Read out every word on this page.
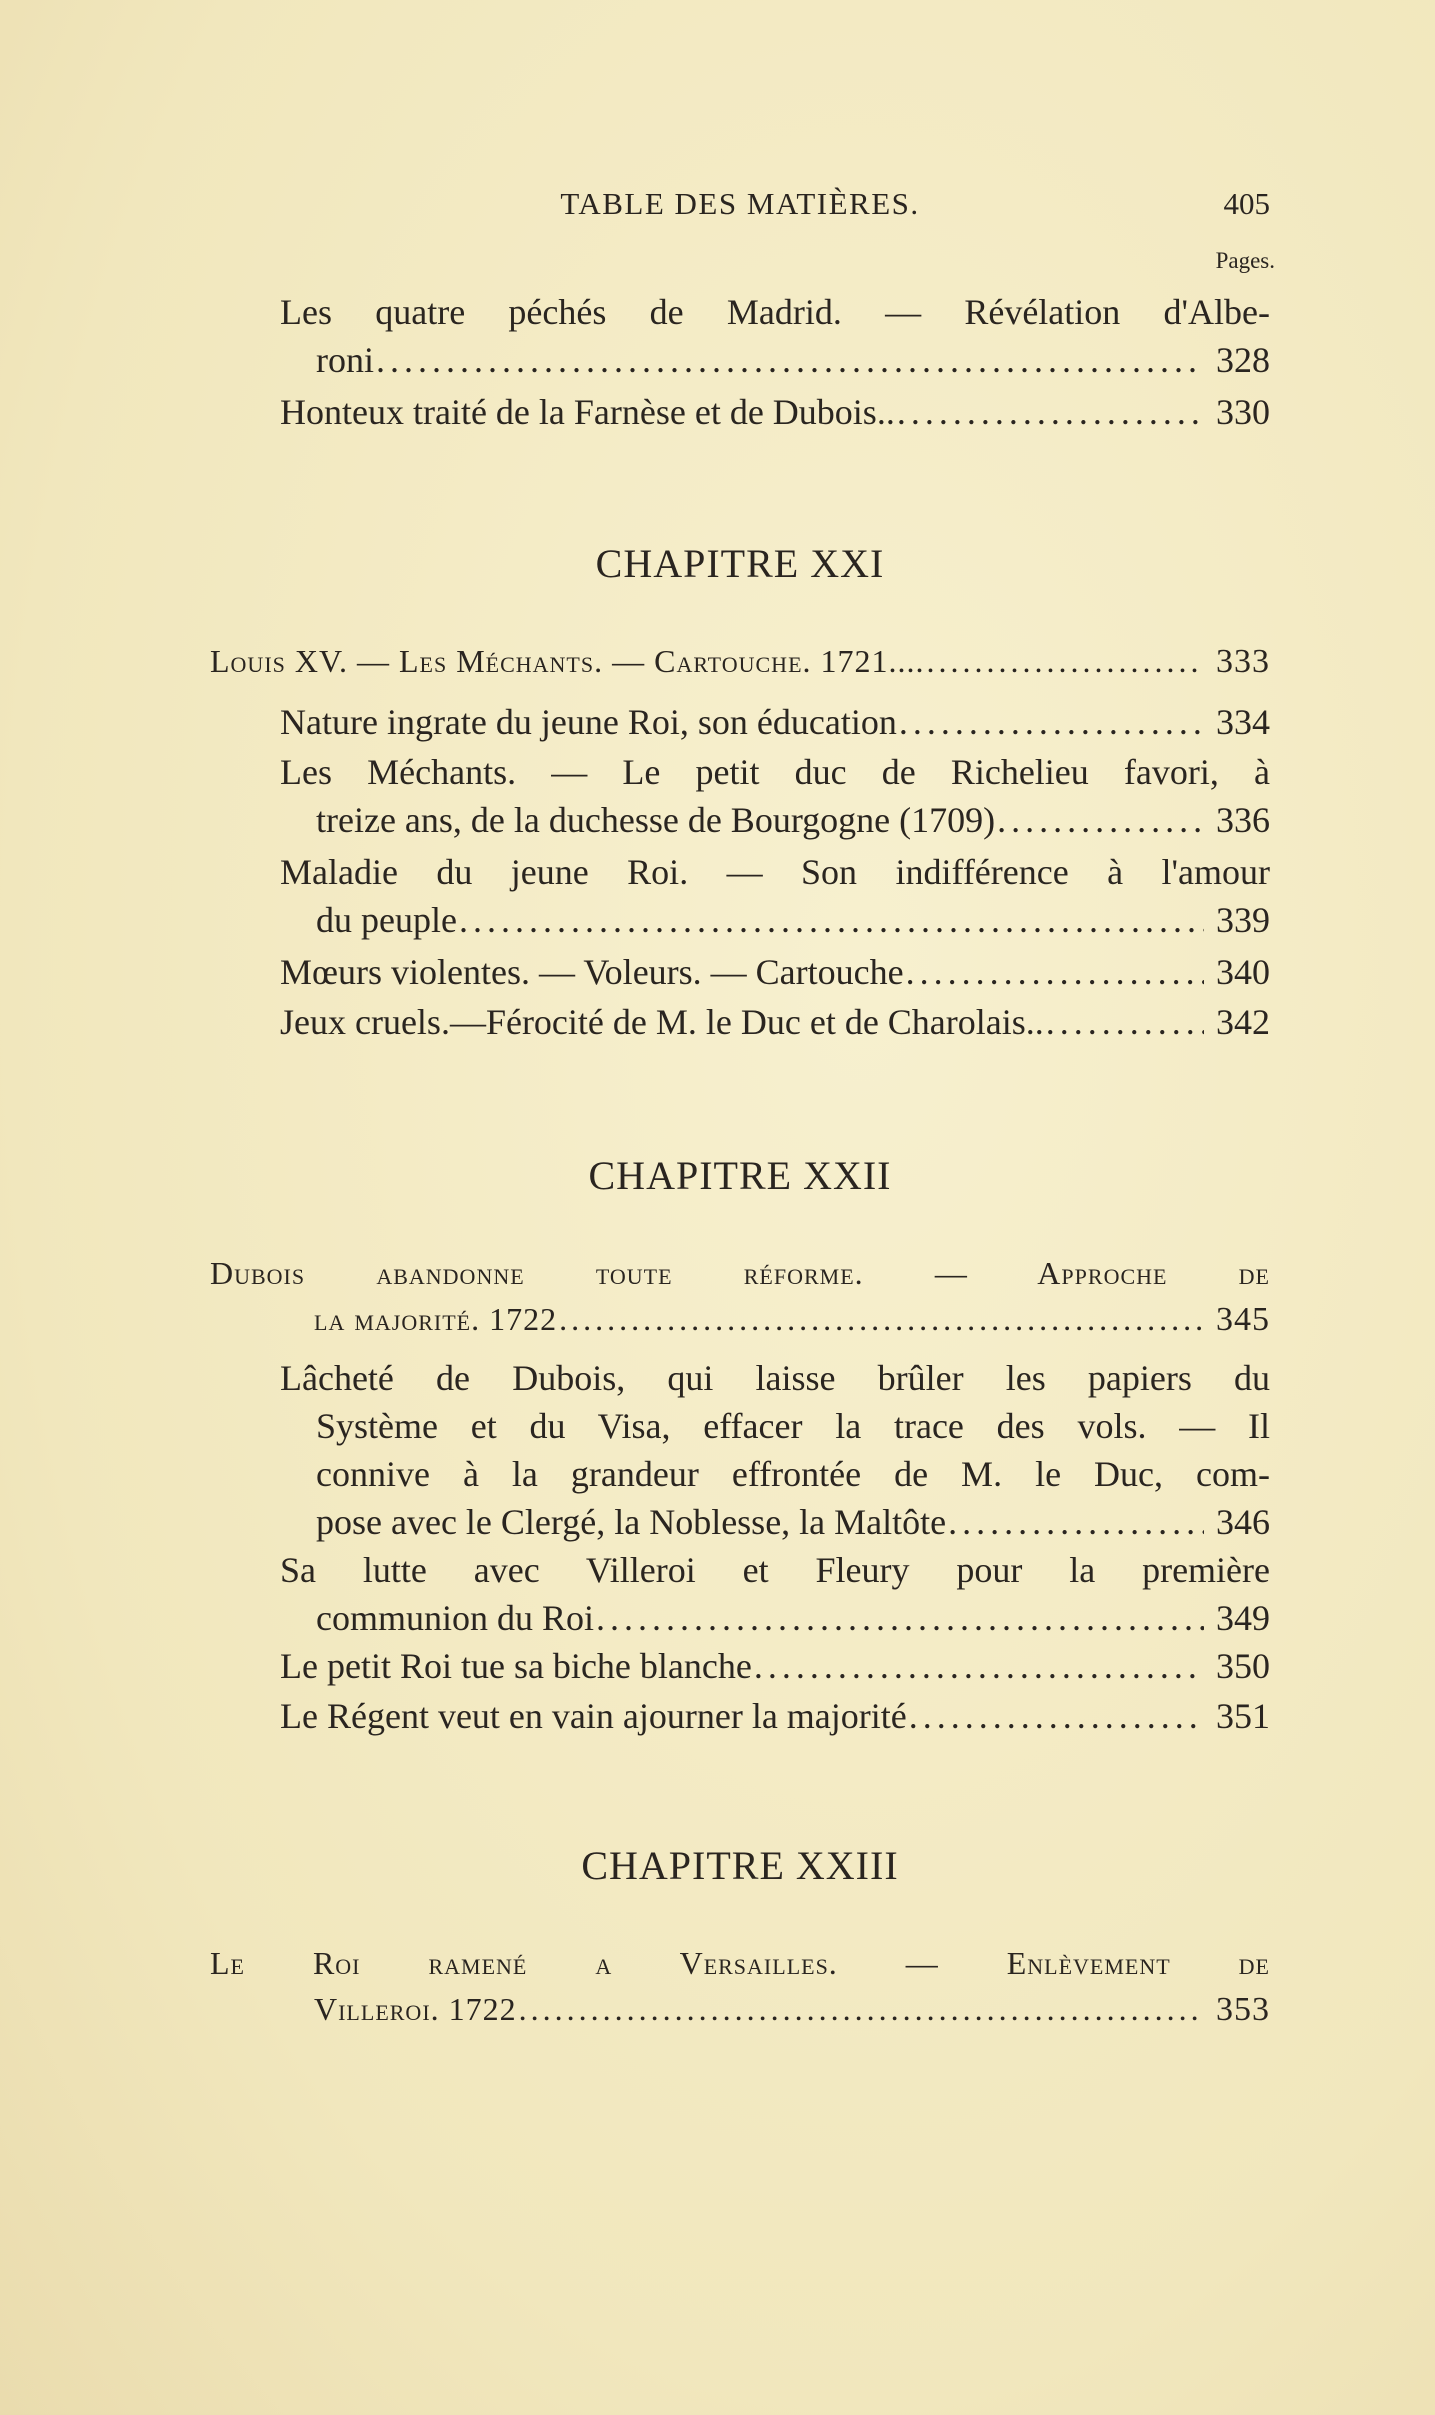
TABLE DES MATIÈRES.	405
Pages.
Les quatre péchés de Madrid. — Révélation d'Albe-
roni . . .	328
Honteux traité de la Farnèse et de Dubois.. . . .	330
CHAPITRE XXI
Louis XV. — Les Méchants. — Cartouche. 1721.... . . .	333
Nature ingrate du jeune Roi, son éducation . . .	334
Les Méchants. — Le petit duc de Richelieu favori, à
treize ans, de la duchesse de Bourgogne (1709) . . .	336
Maladie du jeune Roi. — Son indifférence à l'amour
du peuple . . .	339
Mœurs violentes. — Voleurs. — Cartouche . . .	340
Jeux cruels.—Férocité de M. le Duc et de Charolais.. . . .	342
CHAPITRE XXII
Dubois abandonne toute réforme. — Approche de
la majorité. 1722 . . .	345
Lâcheté de Dubois, qui laisse brûler les papiers du
Système et du Visa, effacer la trace des vols. — Il
connive à la grandeur effrontée de M. le Duc, com-
pose avec le Clergé, la Noblesse, la Maltôte . . .	346
Sa lutte avec Villeroi et Fleury pour la première
communion du Roi . . .	349
Le petit Roi tue sa biche blanche . . .	350
Le Régent veut en vain ajourner la majorité . . .	351
CHAPITRE XXIII
Le Roi ramené a Versailles. — Enlèvement de
Villeroi. 1722 . . .	353
